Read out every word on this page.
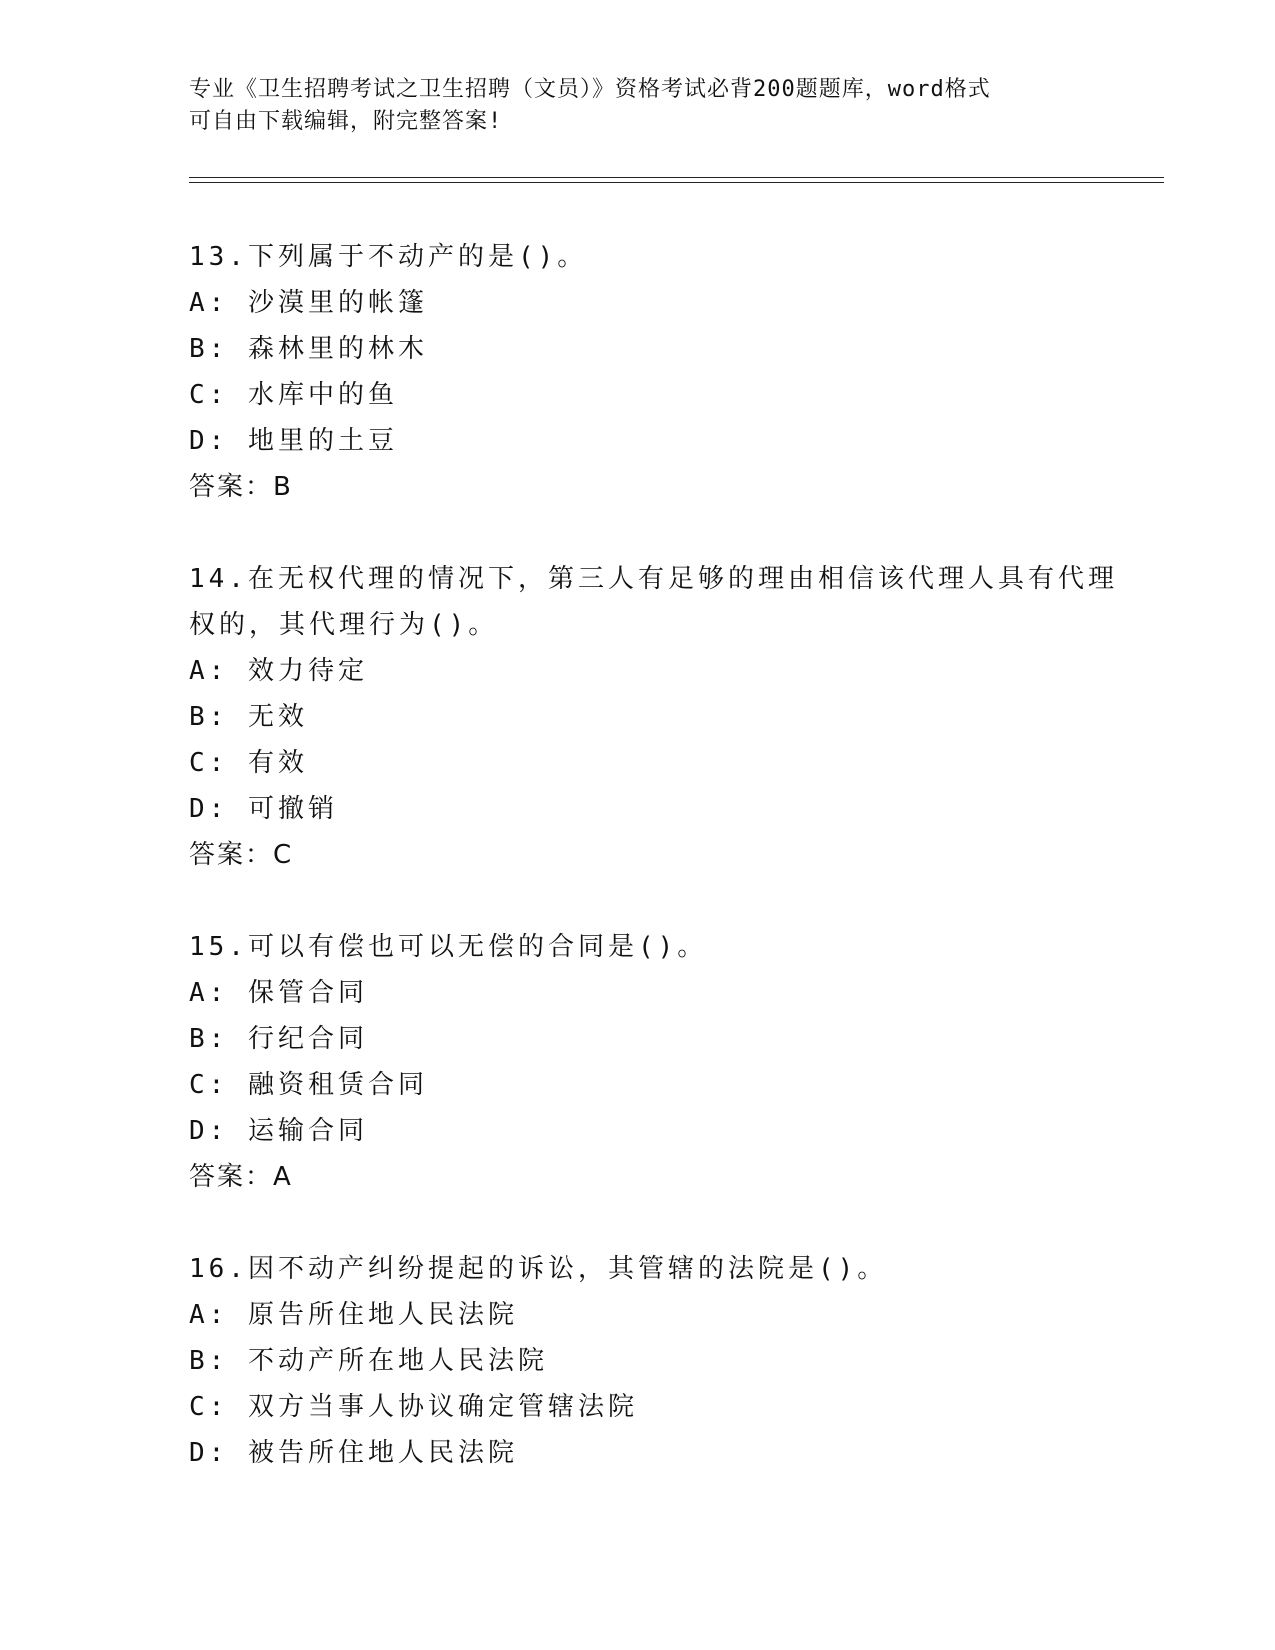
专业《卫生招聘考试之卫生招聘（文员）》资格考试必背200题题库，word格式
可自由下载编辑，附完整答案!
13.下列属于不动产的是()。
A: 沙漠里的帐篷
B: 森林里的林木
C: 水库中的鱼
D: 地里的土豆
答案：B
14.在无权代理的情况下，第三人有足够的理由相信该代理人具有代理
权的，其代理行为()。
A: 效力待定
B: 无效
C: 有效
D: 可撤销
答案：C
15.可以有偿也可以无偿的合同是()。
A: 保管合同
B: 行纪合同
C: 融资租赁合同
D: 运输合同
答案：A
16.因不动产纠纷提起的诉讼，其管辖的法院是()。
A: 原告所住地人民法院
B: 不动产所在地人民法院
C: 双方当事人协议确定管辖法院
D: 被告所住地人民法院
